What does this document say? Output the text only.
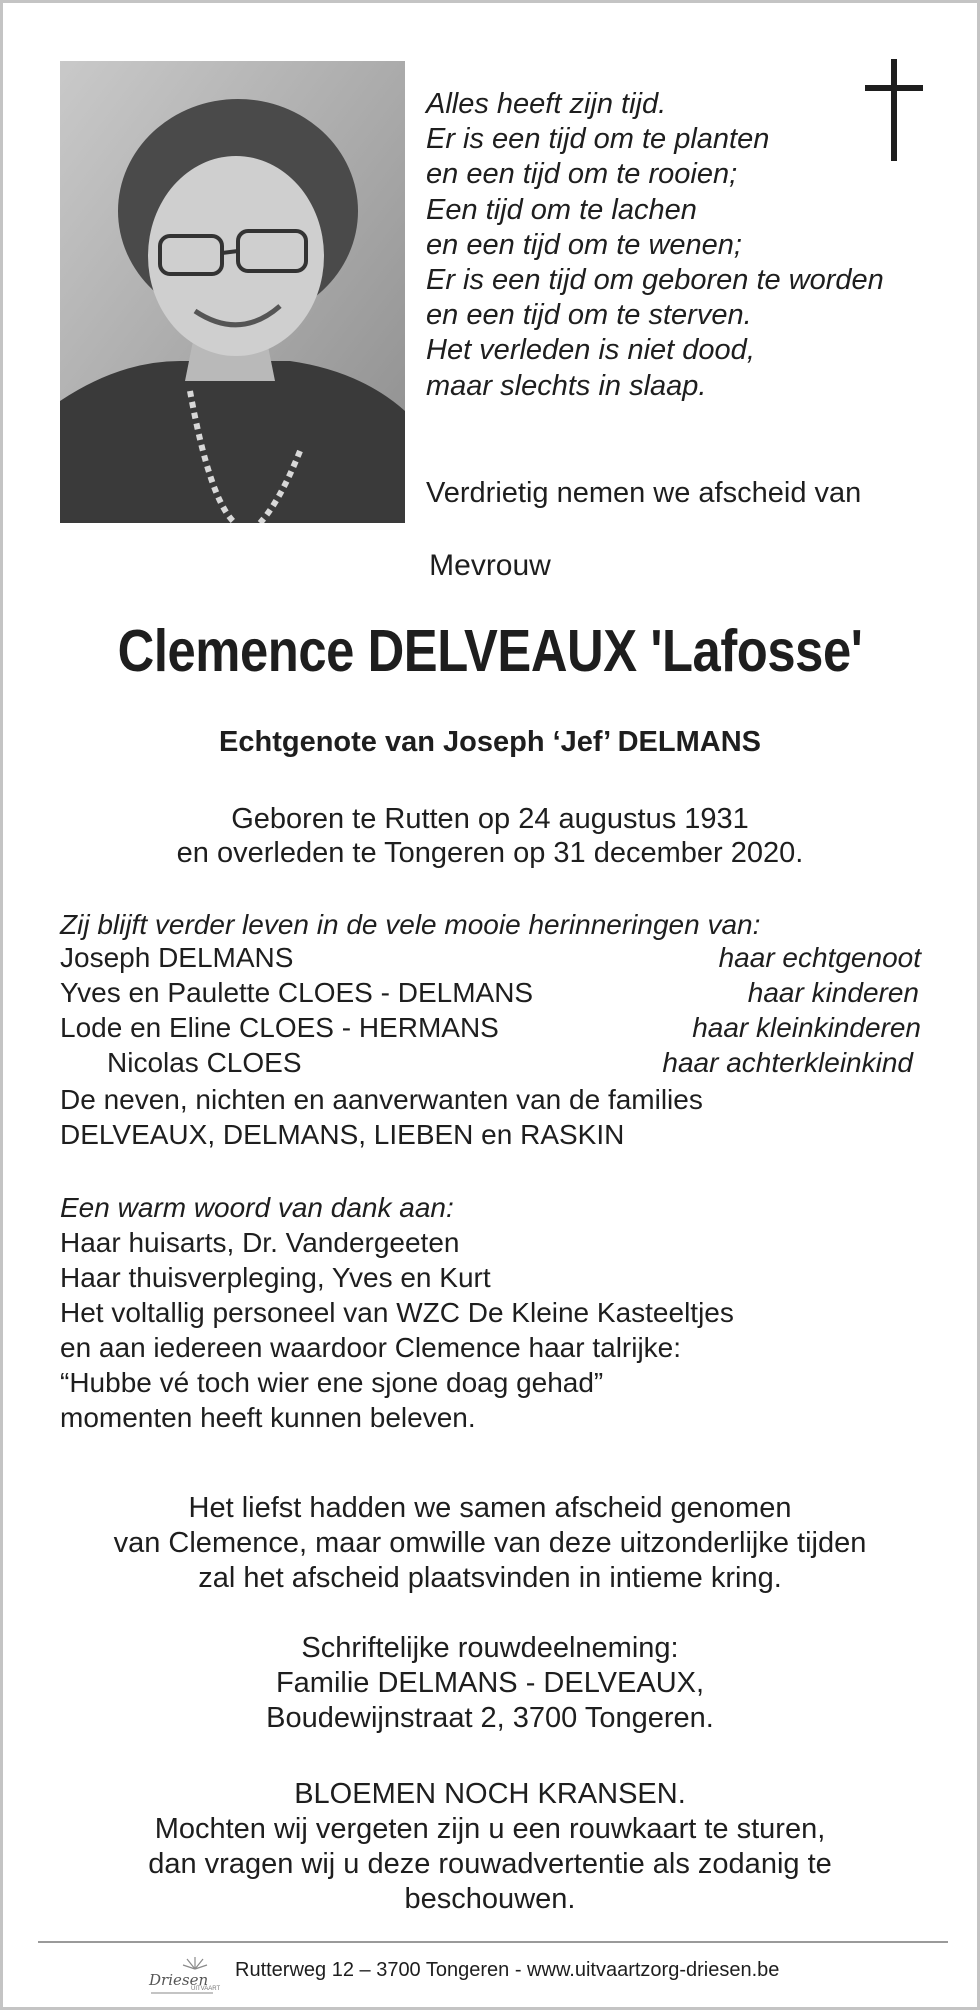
Alles heeft zijn tijd.
Er is een tijd om te planten
en een tijd om te rooien;
Een tijd om te lachen
en een tijd om te wenen;
Er is een tijd om geboren te worden
en een tijd om te sterven.
Het verleden is niet dood,
maar slechts in slaap.
Verdrietig nemen we afscheid van
Mevrouw
Clemence DELVEAUX 'Lafosse'
Echtgenote van Joseph ‘Jef’ DELMANS
Geboren te Rutten op 24 augustus 1931
en overleden te Tongeren op 31 december 2020.
Zij blijft verder leven in de vele mooie herinneringen van:
Joseph DELMANS	haar echtgenoot
Yves en Paulette CLOES - DELMANS	haar kinderen
Lode en Eline CLOES - HERMANS	haar kleinkinderen
Nicolas CLOES	haar achterkleinkind
De neven, nichten en aanverwanten van de families
DELVEAUX, DELMANS, LIEBEN en RASKIN
Een warm woord van dank aan:
Haar huisarts, Dr. Vandergeeten
Haar thuisverpleging, Yves en Kurt
Het voltallig personeel van WZC De Kleine Kasteeltjes
en aan iedereen waardoor Clemence haar talrijke:
“Hubbe vé toch wier ene sjone doag gehad”
momenten heeft kunnen beleven.
Het liefst hadden we samen afscheid genomen
van Clemence, maar omwille van deze uitzonderlijke tijden
zal het afscheid plaatsvinden in intieme kring.
Schriftelijke rouwdeelneming:
Familie DELMANS - DELVEAUX,
Boudewijnstraat 2, 3700 Tongeren.
BLOEMEN NOCH KRANSEN.
Mochten wij vergeten zijn u een rouwkaart te sturen,
dan vragen wij u deze rouwadvertentie als zodanig te
beschouwen.
Driesen
UITVAART
Rutterweg 12 – 3700 Tongeren - www.uitvaartzorg-driesen.be
